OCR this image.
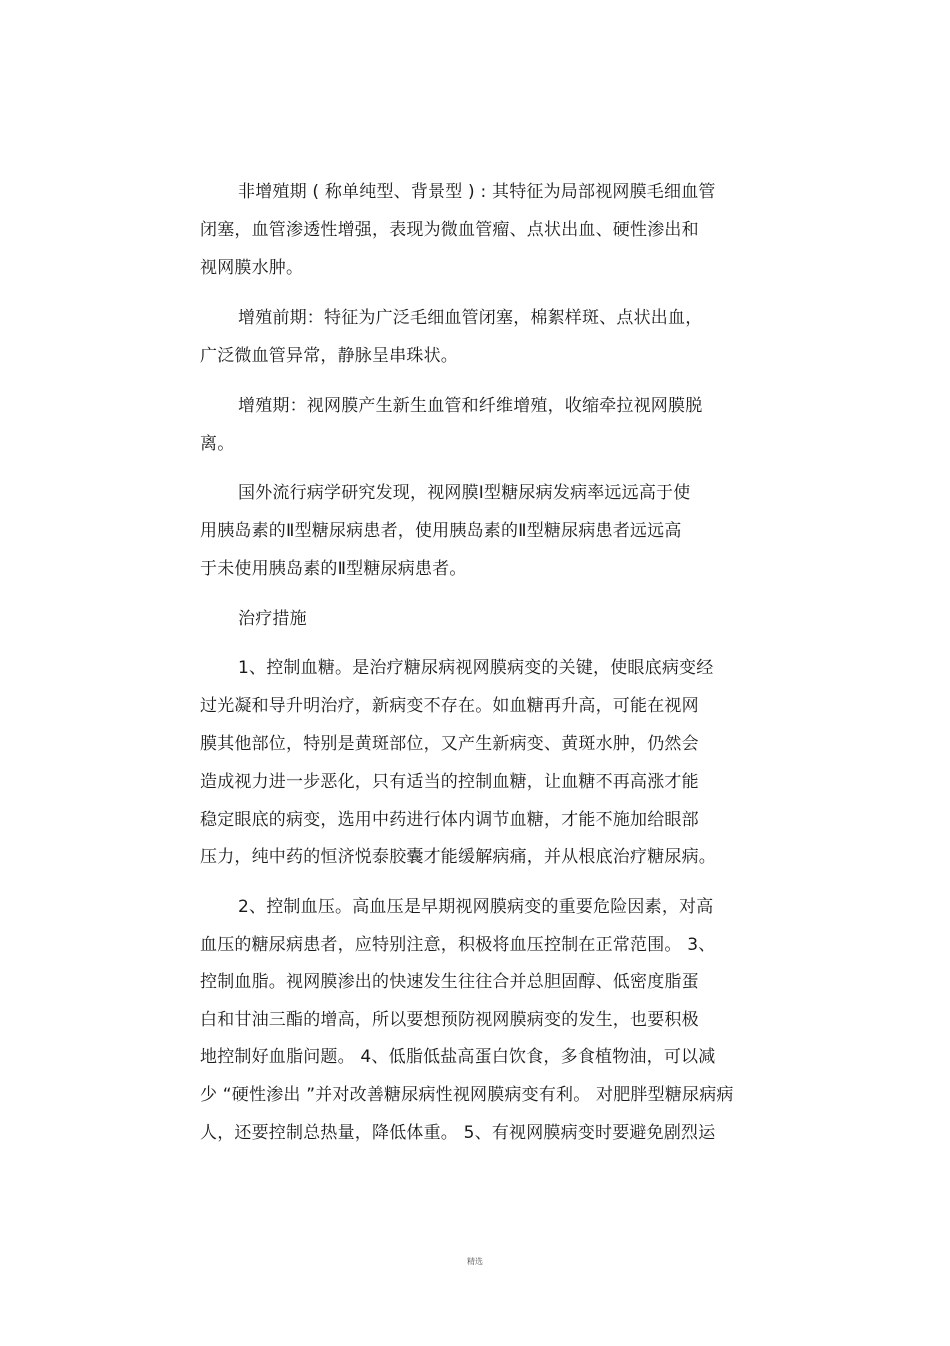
非增殖期 ( 称单纯型、背景型 ) : 其特征为局部视网膜毛细血管
闭塞，血管渗透性增强，表现为微血管瘤、点状出血、硬性渗出和
视网膜水肿。
增殖前期：特征为广泛毛细血管闭塞，棉絮样斑、点状出血，
广泛微血管异常，静脉呈串珠状。
增殖期：视网膜产生新生血管和纤维增殖，收缩牵拉视网膜脱
离。
国外流行病学研究发现，视网膜Ⅰ型糖尿病发病率远远高于使
用胰岛素的Ⅱ型糖尿病患者，使用胰岛素的Ⅱ型糖尿病患者远远高
于未使用胰岛素的Ⅱ型糖尿病患者。
治疗措施
1、控制血糖。是治疗糖尿病视网膜病变的关键，使眼底病变经
过光凝和导升明治疗，新病变不存在。如血糖再升高，可能在视网
膜其他部位，特别是黄斑部位，又产生新病变、黄斑水肿，仍然会
造成视力进一步恶化，只有适当的控制血糖，让血糖不再高涨才能
稳定眼底的病变，选用中药进行体内调节血糖，才能不施加给眼部
压力，纯中药的恒济悦泰胶囊才能缓解病痛，并从根底治疗糖尿病。
2、控制血压。高血压是早期视网膜病变的重要危险因素，对高
血压的糖尿病患者，应特别注意，积极将血压控制在正常范围。 3、
控制血脂。视网膜渗出的快速发生往往合并总胆固醇、低密度脂蛋
白和甘油三酯的增高，所以要想预防视网膜病变的发生，也要积极
地控制好血脂问题。 4、低脂低盐高蛋白饮食，多食植物油，可以减
少 “硬性渗出 ”并对改善糖尿病性视网膜病变有利。 对肥胖型糖尿病病
人，还要控制总热量，降低体重。 5、有视网膜病变时要避免剧烈运
精选
